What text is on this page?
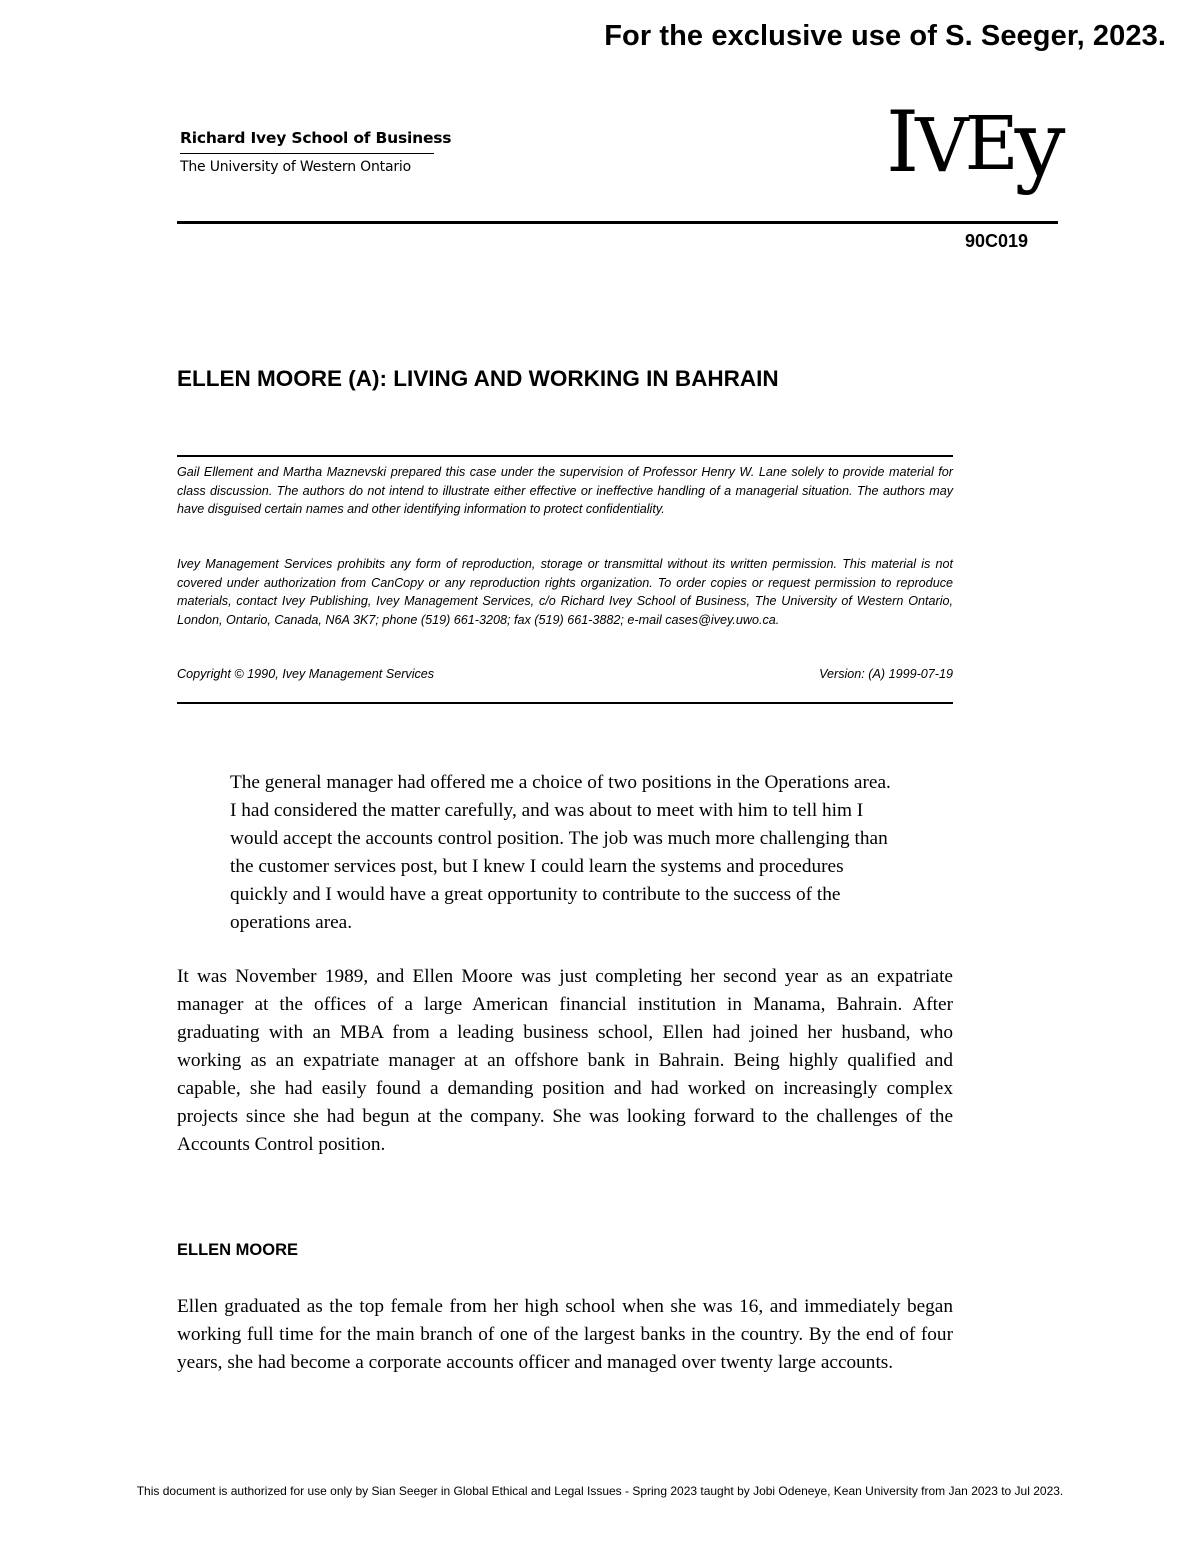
For the exclusive use of S. Seeger, 2023.
Richard Ivey School of Business
The University of Western Ontario	IVEy
90C019
ELLEN MOORE (A): LIVING AND WORKING IN BAHRAIN

Gail Ellement and Martha Maznevski prepared this case under the supervision of Professor Henry W. Lane solely to provide material for class discussion. The authors do not intend to illustrate either effective or ineffective handling of a managerial situation. The authors may have disguised certain names and other identifying information to protect confidentiality.

Ivey Management Services prohibits any form of reproduction, storage or transmittal without its written permission. This material is not covered under authorization from CanCopy or any reproduction rights organization. To order copies or request permission to reproduce materials, contact Ivey Publishing, Ivey Management Services, c/o Richard Ivey School of Business, The University of Western Ontario, London, Ontario, Canada, N6A 3K7; phone (519) 661-3208; fax (519) 661-3882; e-mail cases@ivey.uwo.ca.

Copyright © 1990, Ivey Management Services	Version: (A) 1999-07-19

The general manager had offered me a choice of two positions in the Operations area. I had considered the matter carefully, and was about to meet with him to tell him I would accept the accounts control position. The job was much more challenging than the customer services post, but I knew I could learn the systems and procedures quickly and I would have a great opportunity to contribute to the success of the operations area.

It was November 1989, and Ellen Moore was just completing her second year as an expatriate manager at the offices of a large American financial institution in Manama, Bahrain. After graduating with an MBA from a leading business school, Ellen had joined her husband, who working as an expatriate manager at an offshore bank in Bahrain. Being highly qualified and capable, she had easily found a demanding position and had worked on increasingly complex projects since she had begun at the company. She was looking forward to the challenges of the Accounts Control position.

ELLEN MOORE

Ellen graduated as the top female from her high school when she was 16, and immediately began working full time for the main branch of one of the largest banks in the country. By the end of four years, she had become a corporate accounts officer and managed over twenty large accounts.

This document is authorized for use only by Sian Seeger in Global Ethical and Legal Issues - Spring 2023 taught by Jobi Odeneye, Kean University from Jan 2023 to Jul 2023.
